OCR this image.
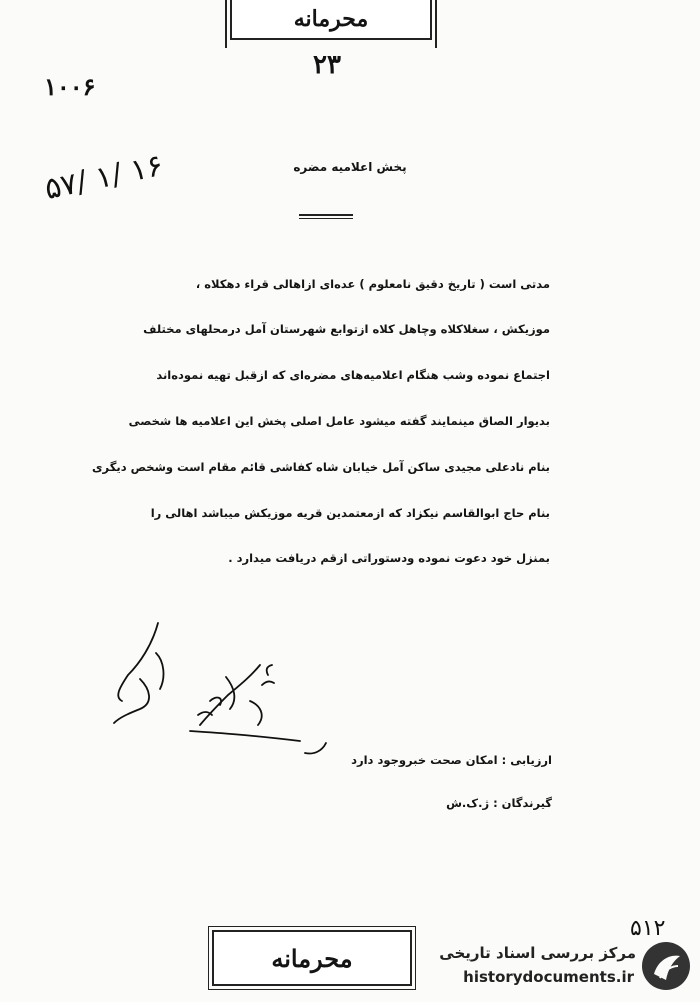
محرمانه
۲۳
۱۰۰۶
۵۷/ ۱/ ۱۶	پخش اعلامیه مضره
مدتی است ( تاریخ دقیق نامعلوم ) عده‌ای ازاهالی قراء دهکلاه ،
موزیکش ، سغلاکلاه وچاهل کلاه ازتوابع شهرستان آمل درمحلهای مختلف
اجتماع نموده وشب هنگام اعلامیه‌های مضره‌ای که ازقبل تهیه نموده‌اند
بدیوار الصاق مینمایند گفته میشود عامل اصلی پخش این اعلامیه ها شخصی
بنام نادعلی مجیدی ساکن آمل خیابان شاه کفاشی قائم مقام است وشخص دیگری
بنام حاج ابوالقاسم نیکزاد که ازمعتمدین قریه موزیکش میباشد اهالی را
بمنزل خود دعوت نموده ودستوراتی ازقم دریافت میدارد .
ارزیابی : امکان صحت خبروجود دارد
گیرندگان : ژ.ک.ش
۵۱۲
محرمانه	مرکز بررسی اسناد تاریخی
historydocuments.ir
